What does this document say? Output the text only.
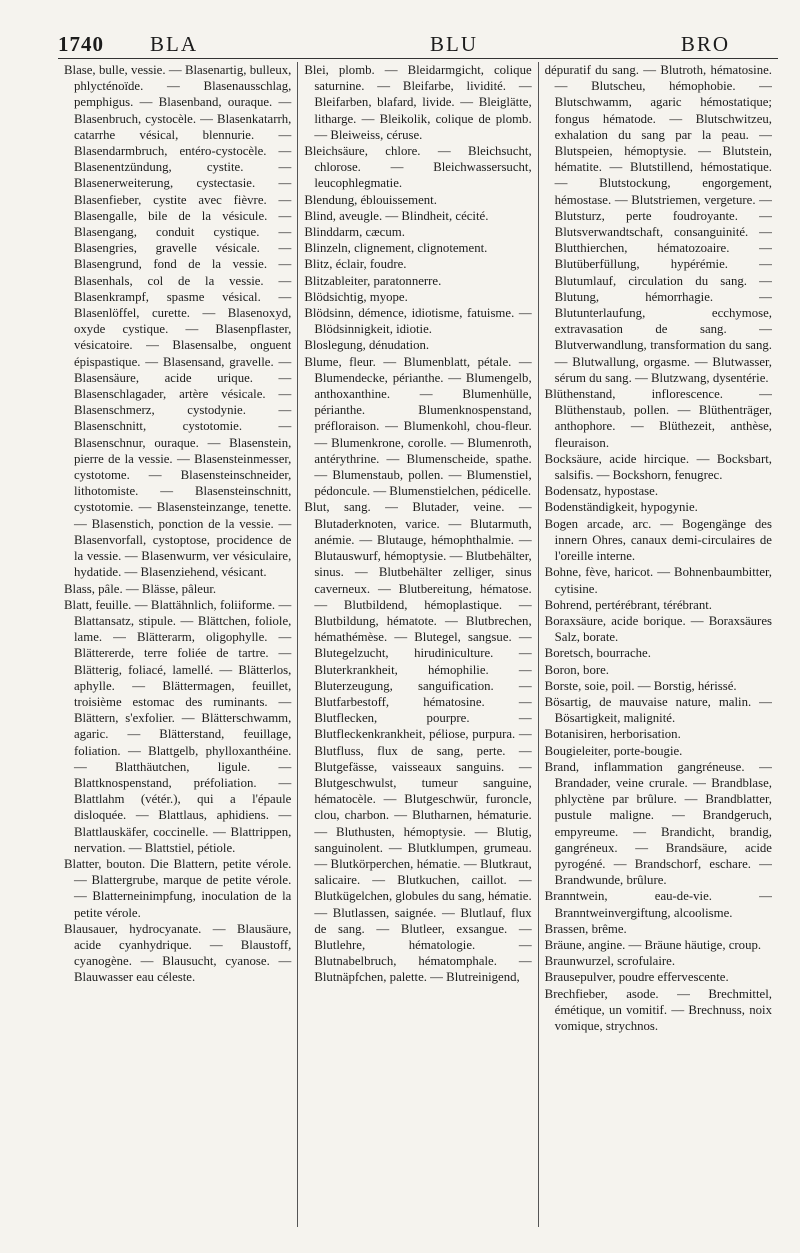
1740 BLA	BLU	BRO

Blase, bulle, vessie. — Blasenartig, bulleux, phlycténoïde. — Blasenausschlag, pemphigus. — Blasenband, ouraque. — Blasenbruch, cystocèle. — Blasenkatarrh, catarrhe vésical, blennurie. — Blasendarmbruch, entéro-cystocèle. — Blasenentzündung, cystite. — Blasenerweiterung, cystectasie. — Blasenfieber, cystite avec fièvre. — Blasengalle, bile de la vésicule. — Blasengang, conduit cystique. — Blasengries, gravelle vésicale. — Blasengrund, fond de la vessie. — Blasenhals, col de la vessie. — Blasenkrampf, spasme vésical. — Blasenlöffel, curette. — Blasenoxyd, oxyde cystique. — Blasenpflaster, vésicatoire. — Blasensalbe, onguent épispastique. — Blasensand, gravelle. — Blasensäure, acide urique. — Blasenschlagader, artère vésicale. — Blasenschmerz, cystodynie. — Blasenschnitt, cystotomie. — Blasenschnur, ouraque. — Blasenstein, pierre de la vessie. — Blasensteinmesser, cystotome. — Blasensteinschneider, lithotomiste. — Blasensteinschnitt, cystotomie. — Blasensteinzange, tenette. — Blasenstich, ponction de la vessie. — Blasenvorfall, cystoptose, procidence de la vessie. — Blasenwurm, ver vésiculaire, hydatide. — Blasenziehend, vésicant.

Blass, pâle. — Blässe, pâleur.

Blatt, feuille. — Blattähnlich, foliiforme. — Blattansatz, stipule. — Blättchen, foliole, lame. — Blätterarm, oligophylle. — Blättererde, terre foliée de tartre. — Blätterig, foliacé, lamellé. — Blätterlos, aphylle. — Blättermagen, feuillet, troisième estomac des ruminants. — Blättern, s'exfolier. — Blätterschwamm, agaric. — Blätterstand, feuillage, foliation. — Blattgelb, phylloxanthéine. — Blatthäutchen, ligule. — Blattknospenstand, préfoliation. — Blattlahm (vétér.), qui a l'épaule disloquée. — Blattlaus, aphidiens. — Blattlauskäfer, coccinelle. — Blattrippen, nervation. — Blattstiel, pétiole.

Blatter, bouton. Die Blattern, petite vérole. — Blattergrube, marque de petite vérole. — Blatterneinimpfung, inoculation de la petite vérole.

Blausauer, hydrocyanate. — Blausäure, acide cyanhydrique. — Blaustoff, cyanogène. — Blausucht, cyanose. — Blauwasser eau céleste.

Blei, plomb. — Bleidarmgicht, colique saturnine. — Bleifarbe, lividité. — Bleifarben, blafard, livide. — Bleiglätte, litharge. — Bleikolik, colique de plomb. — Bleiweiss, céruse.

Bleichsäure, chlore. — Bleichsucht, chlorose. — Bleichwassersucht, leucophlegmatie.

Blendung, éblouissement.

Blind, aveugle. — Blindheit, cécité.

Blinddarm, cæcum.

Blinzeln, clignement, clignotement.

Blitz, éclair, foudre.

Blitzableiter, paratonnerre.

Blödsichtig, myope.

Blödsinn, démence, idiotisme, fatuisme. — Blödsinnigkeit, idiotie.

Bloslegung, dénudation.

Blume, fleur. — Blumenblatt, pétale. — Blumendecke, périanthe. — Blumengelb, anthoxanthine. — Blumenhülle, périanthe. Blumenknospenstand, préfloraison. — Blumenkohl, chou-fleur. — Blumenkrone, corolle. — Blumenroth, antérythrine. — Blumenscheide, spathe. — Blumenstaub, pollen. — Blumenstiel, pédoncule. — Blumenstielchen, pédicelle.

Blut, sang. — Blutader, veine. — Blutaderknoten, varice. — Blutarmuth, anémie. — Blutauge, hémophthalmie. — Blutauswurf, hémoptysie. — Blutbehälter, sinus. — Blutbehälter zelliger, sinus caverneux. — Blutbereitung, hématose. — Blutbildend, hémoplastique. — Blutbildung, hématote. — Blutbrechen, hémathémèse. — Blutegel, sangsue. — Blutegelzucht, hirudiniculture. — Bluterkrankheit, hémophilie. — Bluterzeugung, sanguification. — Blutfarbestoff, hématosine. — Blutflecken, pourpre. — Blutfleckenkrankheit, péliose, purpura. — Blutfluss, flux de sang, perte. — Blutgefässe, vaisseaux sanguins. — Blutgeschwulst, tumeur sanguine, hématocèle. — Blutgeschwür, furoncle, clou, charbon. — Blutharnen, hématurie. — Bluthusten, hémoptysie. — Blutig, sanguinolent. — Blutklumpen, grumeau. — Blutkörperchen, hématie. — Blutkraut, salicaire. — Blutkuchen, caillot. — Blutkügelchen, globules du sang, hématie. — Blutlassen, saignée. — Blutlauf, flux de sang. — Blutleer, exsangue. — Blutlehre, hématologie. — Blutnabelbruch, hématomphale. — Blutnäpfchen, palette. — Blutreinigend,

dépuratif du sang. — Blutroth, hématosine. — Blutscheu, hémophobie. — Blutschwamm, agaric hémostatique; fongus hématode. — Blutschwitzeu, exhalation du sang par la peau. — Blutspeien, hémoptysie. — Blutstein, hématite. — Blutstillend, hémostatique. — Blutstockung, engorgement, hémostase. — Blutstriemen, vergeture. — Blutsturz, perte foudroyante. — Blutsverwandtschaft, consanguinité. — Blutthierchen, hématozoaire. — Blutüberfüllung, hypérémie. — Blutumlauf, circulation du sang. — Blutung, hémorrhagie. — Blutunterlaufung, ecchymose, extravasation de sang. — Blutverwandlung, transformation du sang. — Blutwallung, orgasme. — Blutwasser, sérum du sang. — Blutzwang, dysentérie.

Blüthenstand, inflorescence. — Blüthenstaub, pollen. — Blüthenträger, anthophore. — Blüthezeit, anthèse, fleuraison.

Bocksäure, acide hircique. — Bocksbart, salsifis. — Bockshorn, fenugrec.

Bodensatz, hypostase.

Bodenständigkeit, hypogynie.

Bogen arcade, arc. — Bogengänge des innern Ohres, canaux demi-circulaires de l'oreille interne.

Bohne, fève, haricot. — Bohnenbaumbitter, cytisine.

Bohrend, pertérébrant, térébrant.

Boraxsäure, acide borique. — Boraxsäures Salz, borate.

Boretsch, bourrache.

Boron, bore.

Borste, soie, poil. — Borstig, hérissé.

Bösartig, de mauvaise nature, malin. — Bösartigkeit, malignité.

Botanisiren, herborisation.

Bougieleiter, porte-bougie.

Brand, inflammation gangréneuse. — Brandader, veine crurale. — Brandblase, phlyctène par brûlure. — Brandblatter, pustule maligne. — Brandgeruch, empyreume. — Brandicht, brandig, gangréneux. — Brandsäure, acide pyrogéné. — Brandschorf, eschare. — Brandwunde, brûlure.

Branntwein, eau-de-vie. — Branntweinvergiftung, alcoolisme.

Brassen, brême.

Bräune, angine. — Bräune häutige, croup.

Braunwurzel, scrofulaire.

Brausepulver, poudre effervescente.

Brechfieber, asode. — Brechmittel, émétique, un vomitif. — Brechnuss, noix vomique, strychnos.
